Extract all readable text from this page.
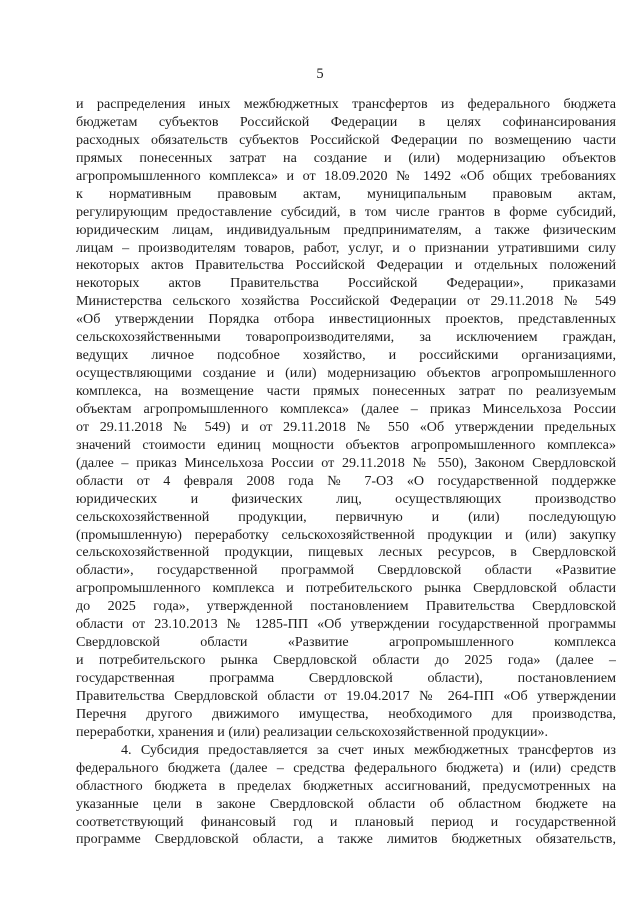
5
и распределения иных межбюджетных трансфертов из федерального бюджета
бюджетам субъектов Российской Федерации в целях софинансирования
расходных обязательств субъектов Российской Федерации по возмещению части
прямых понесенных затрат на создание и (или) модернизацию объектов
агропромышленного комплекса» и от 18.09.2020 № 1492 «Об общих требованиях
к нормативным правовым актам, муниципальным правовым актам,
регулирующим предоставление субсидий, в том числе грантов в форме субсидий,
юридическим лицам, индивидуальным предпринимателям, а также физическим
лицам – производителям товаров, работ, услуг, и о признании утратившими силу
некоторых актов Правительства Российской Федерации и отдельных положений
некоторых актов Правительства Российской Федерации», приказами
Министерства сельского хозяйства Российской Федерации от 29.11.2018 № 549
«Об утверждении Порядка отбора инвестиционных проектов, представленных
сельскохозяйственными товаропроизводителями, за исключением граждан,
ведущих личное подсобное хозяйство, и российскими организациями,
осуществляющими создание и (или) модернизацию объектов агропромышленного
комплекса, на возмещение части прямых понесенных затрат по реализуемым
объектам агропромышленного комплекса» (далее – приказ Минсельхоза России
от 29.11.2018 № 549) и от 29.11.2018 № 550 «Об утверждении предельных
значений стоимости единиц мощности объектов агропромышленного комплекса»
(далее – приказ Минсельхоза России от 29.11.2018 № 550), Законом Свердловской
области от 4 февраля 2008 года № 7-ОЗ «О государственной поддержке
юридических и физических лиц, осуществляющих производство
сельскохозяйственной продукции, первичную и (или) последующую
(промышленную) переработку сельскохозяйственной продукции и (или) закупку
сельскохозяйственной продукции, пищевых лесных ресурсов, в Свердловской
области», государственной программой Свердловской области «Развитие
агропромышленного комплекса и потребительского рынка Свердловской области
до 2025 года», утвержденной постановлением Правительства Свердловской
области от 23.10.2013 № 1285-ПП «Об утверждении государственной программы
Свердловской области «Развитие агропромышленного комплекса
и потребительского рынка Свердловской области до 2025 года» (далее –
государственная программа Свердловской области), постановлением
Правительства Свердловской области от 19.04.2017 № 264-ПП «Об утверждении
Перечня другого движимого имущества, необходимого для производства,
переработки, хранения и (или) реализации сельскохозяйственной продукции».
4. Субсидия предоставляется за счет иных межбюджетных трансфертов из
федерального бюджета (далее – средства федерального бюджета) и (или) средств
областного бюджета в пределах бюджетных ассигнований, предусмотренных на
указанные цели в законе Свердловской области об областном бюджете на
соответствующий финансовый год и плановый период и государственной
программе Свердловской области, а также лимитов бюджетных обязательств,
